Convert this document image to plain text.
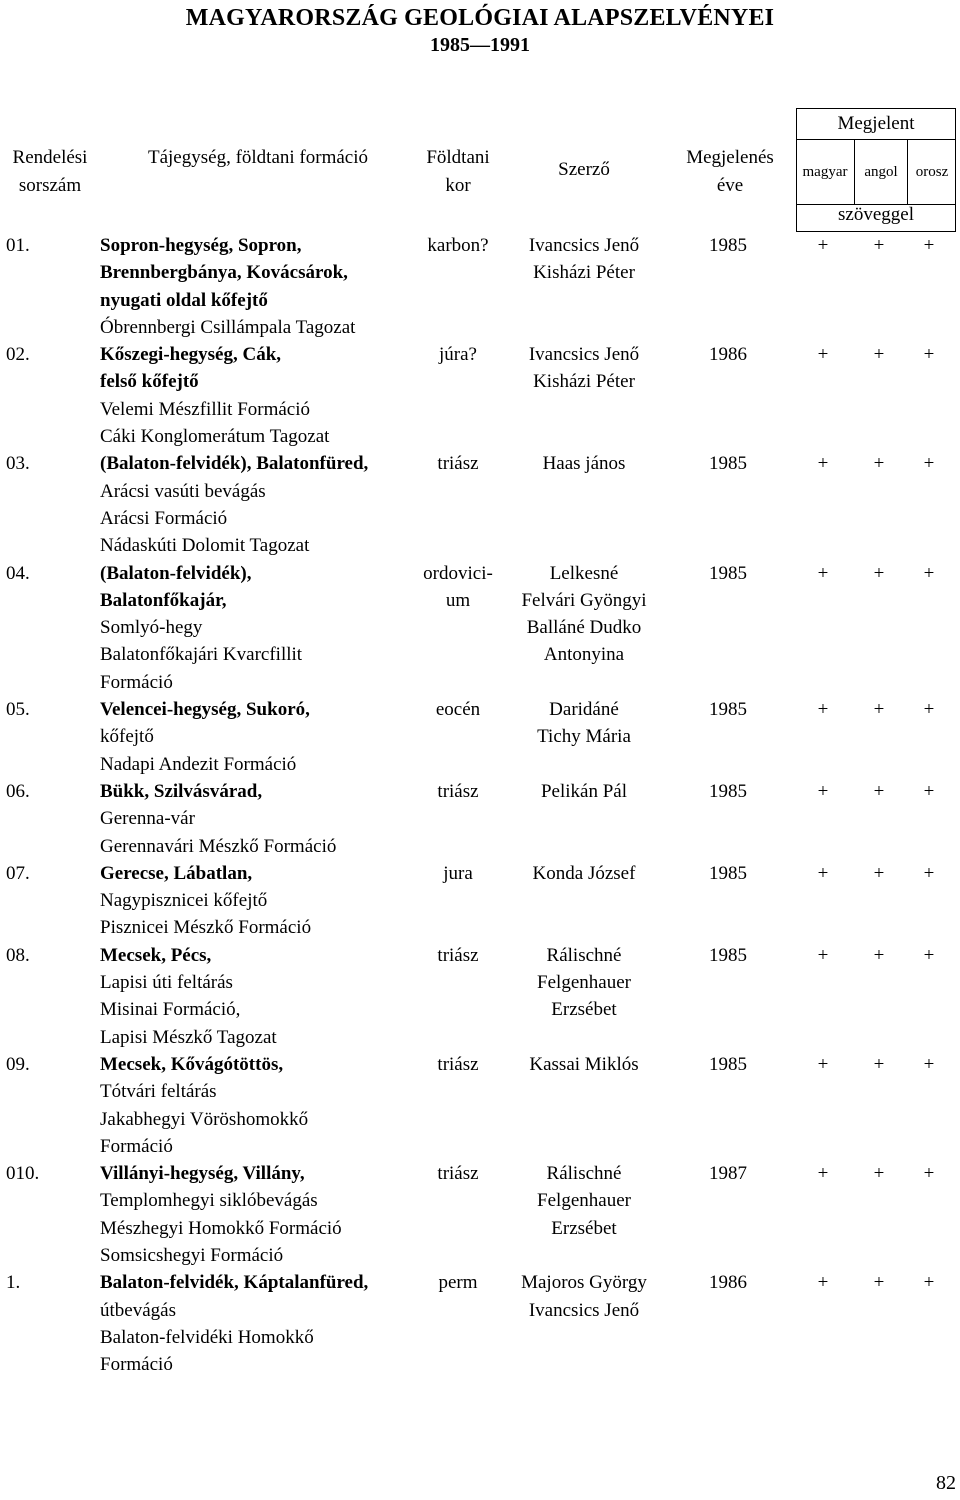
MAGYARORSZÁG GEOLÓGIAI ALAPSZELVÉNYEI
1985—1991
Rendelési
sorszám
Tájegység, földtani formáció	Földtani
kor
Szerző
Megjelenés
éve
Megjelent
magyar	angol	orosz
szöveggel
01.	Sopron-hegység, Sopron,
Brennbergbánya, Kovácsárok,
nyugati oldal kőfejtő
Óbrennbergi Csillámpala Tagozat
karbon?	Ivancsics Jenő
Kisházi Péter
1985	+	+	+
02.	Kőszegi-hegység, Cák,
felső kőfejtő
Velemi Mészfillit Formáció
Cáki Konglomerátum Tagozat
júra?	Ivancsics Jenő
Kisházi Péter
1986	+	+	+
03.	(Balaton-felvidék), Balatonfüred,
Arácsi vasúti bevágás
Arácsi Formáció
Nádaskúti Dolomit Tagozat
triász	Haas jános	1985	+	+	+
04.	(Balaton-felvidék),
Balatonfőkajár,
Somlyó-hegy
Balatonfőkajári Kvarcfillit
Formáció
ordovici-
um
Lelkesné
Felvári Gyöngyi
Balláné Dudko
Antonyina
1985	+	+	+
05.	Velencei-hegység, Sukoró,
kőfejtő
Nadapi Andezit Formáció
eocén	Daridáné
Tichy Mária
1985	+	+	+
06.	Bükk, Szilvásvárad,
Gerenna-vár
Gerennavári Mészkő Formáció
triász	Pelikán Pál	1985	+	+	+
07.	Gerecse, Lábatlan,
Nagypisznicei kőfejtő
Pisznicei Mészkő Formáció
jura	Konda József	1985	+	+	+
08.	Mecsek, Pécs,
Lapisi úti feltárás
Misinai Formáció,
Lapisi Mészkő Tagozat
triász	Rálischné
Felgenhauer
Erzsébet
1985	+	+	+
09.	Mecsek, Kővágótöttös,
Tótvári feltárás
Jakabhegyi Vöröshomokkő
Formáció
triász	Kassai Miklós	1985	+	+	+
010.	Villányi-hegység, Villány,
Templomhegyi siklóbevágás
Mészhegyi Homokkő Formáció
Somsicshegyi Formáció
triász	Rálischné
Felgenhauer
Erzsébet
1987	+	+	+
1.	Balaton-felvidék, Káptalanfüred,
útbevágás
Balaton-felvidéki Homokkő
Formáció
perm	Majoros György
Ivancsics Jenő
1986	+	+	+
82
